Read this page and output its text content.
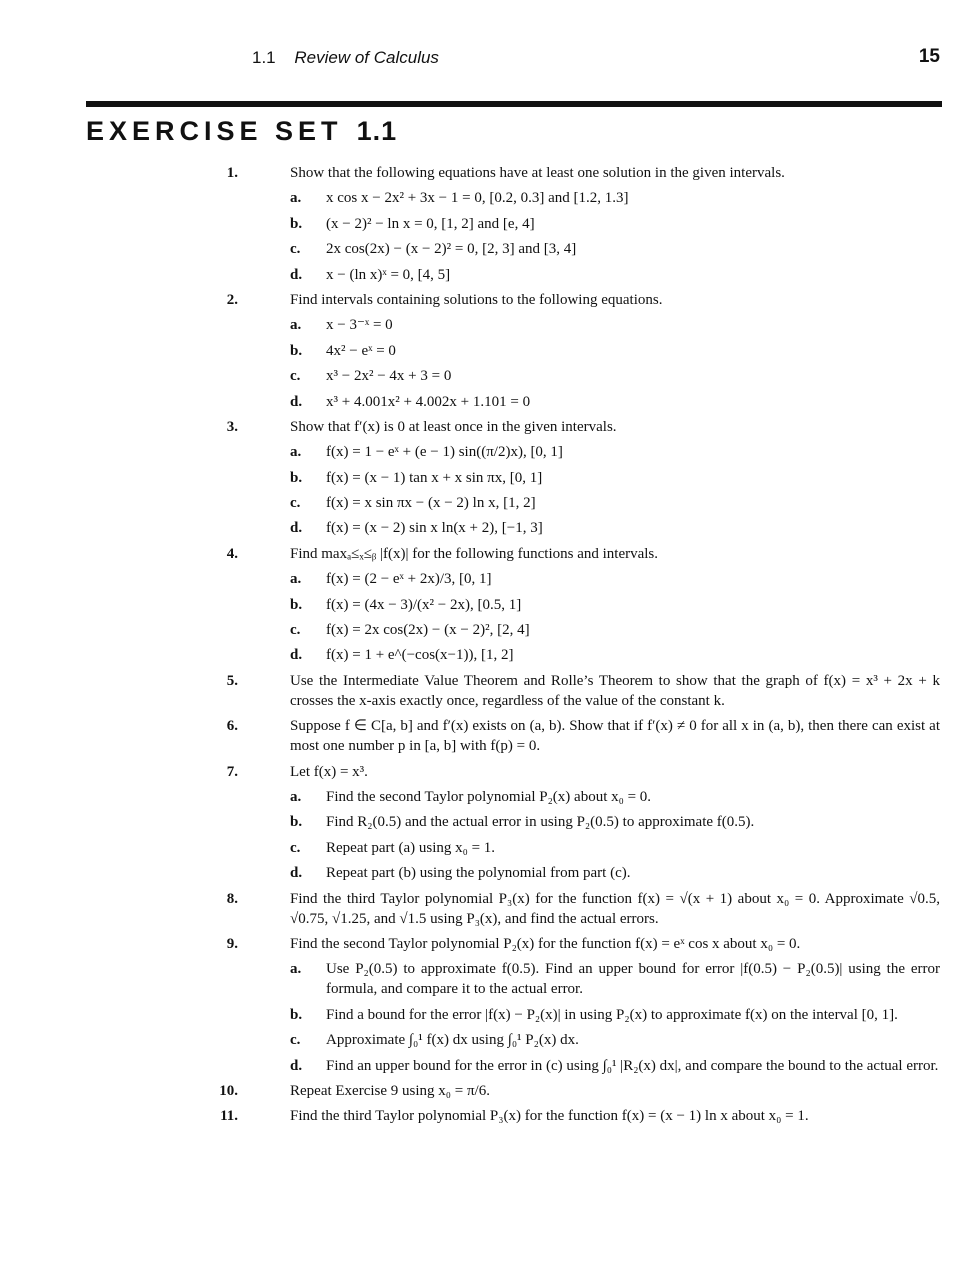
1.1 Review of Calculus	15
EXERCISE SET 1.1
1.	Show that the following equations have at least one solution in the given intervals.
a. x cos x − 2x² + 3x − 1 = 0, [0.2, 0.3] and [1.2, 1.3]
b. (x − 2)² − ln x = 0, [1, 2] and [e, 4]
c. 2x cos(2x) − (x − 2)² = 0, [2, 3] and [3, 4]
d. x − (ln x)ˣ = 0, [4, 5]
2.	Find intervals containing solutions to the following equations.
a. x − 3⁻ˣ = 0
b. 4x² − eˣ = 0
c. x³ − 2x² − 4x + 3 = 0
d. x³ + 4.001x² + 4.002x + 1.101 = 0
3.	Show that f′(x) is 0 at least once in the given intervals.
a. f(x) = 1 − eˣ + (e − 1) sin((π/2)x), [0, 1]
b. f(x) = (x − 1) tan x + x sin πx, [0, 1]
c. f(x) = x sin πx − (x − 2) ln x, [1, 2]
d. f(x) = (x − 2) sin x ln(x + 2), [−1, 3]
4.	Find maxₐ≤ₓ≤ᵦ |f(x)| for the following functions and intervals.
a. f(x) = (2 − eˣ + 2x)/3, [0, 1]
b. f(x) = (4x − 3)/(x² − 2x), [0.5, 1]
c. f(x) = 2x cos(2x) − (x − 2)², [2, 4]
d. f(x) = 1 + e^(−cos(x−1)), [1, 2]
5.	Use the Intermediate Value Theorem and Rolle’s Theorem to show that the graph of f(x) = x³ + 2x + k crosses the x-axis exactly once, regardless of the value of the constant k.
6.	Suppose f ∈ C[a, b] and f′(x) exists on (a, b). Show that if f′(x) ≠ 0 for all x in (a, b), then there can exist at most one number p in [a, b] with f(p) = 0.
7.	Let f(x) = x³.
a. Find the second Taylor polynomial P₂(x) about x₀ = 0.
b. Find R₂(0.5) and the actual error in using P₂(0.5) to approximate f(0.5).
c. Repeat part (a) using x₀ = 1.
d. Repeat part (b) using the polynomial from part (c).
8.	Find the third Taylor polynomial P₃(x) for the function f(x) = √(x + 1) about x₀ = 0. Approximate √0.5, √0.75, √1.25, and √1.5 using P₃(x), and find the actual errors.
9.	Find the second Taylor polynomial P₂(x) for the function f(x) = eˣ cos x about x₀ = 0.
a. Use P₂(0.5) to approximate f(0.5). Find an upper bound for error |f(0.5) − P₂(0.5)| using the error formula, and compare it to the actual error.
b. Find a bound for the error |f(x) − P₂(x)| in using P₂(x) to approximate f(x) on the interval [0, 1].
c. Approximate ∫₀¹ f(x) dx using ∫₀¹ P₂(x) dx.
d. Find an upper bound for the error in (c) using ∫₀¹ |R₂(x) dx|, and compare the bound to the actual error.
10.	Repeat Exercise 9 using x₀ = π/6.
11.	Find the third Taylor polynomial P₃(x) for the function f(x) = (x − 1) ln x about x₀ = 1.
